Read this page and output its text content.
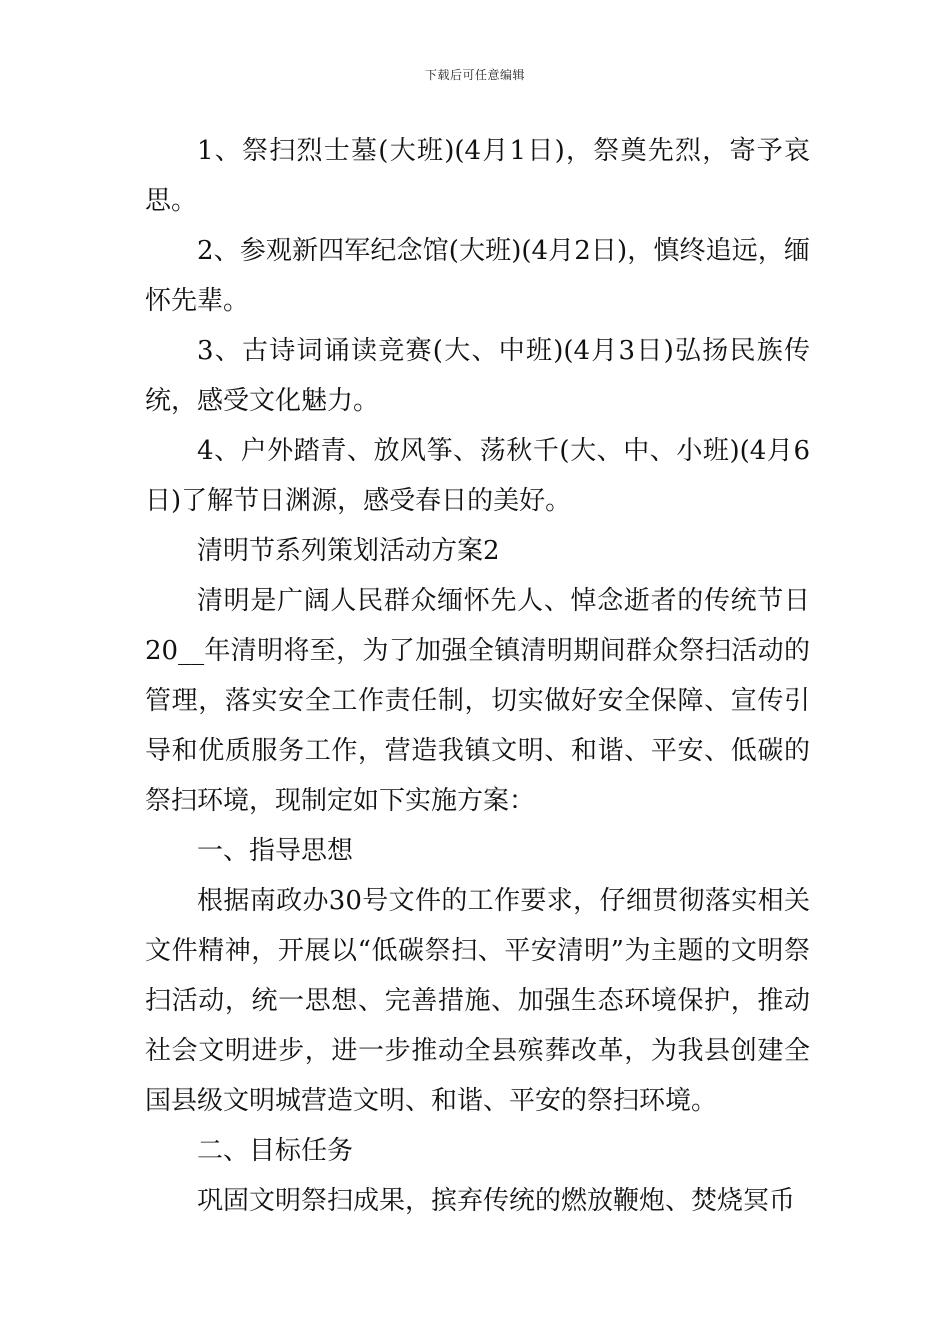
下载后可任意编辑

1、祭扫烈士墓(大班)(4月1日)，祭奠先烈，寄予哀思。

2、参观新四军纪念馆(大班)(4月2日)，慎终追远，缅怀先辈。

3、古诗词诵读竞赛(大、中班)(4月3日)弘扬民族传统，感受文化魅力。

4、户外踏青、放风筝、荡秋千(大、中、小班)(4月6日)了解节日渊源，感受春日的美好。

清明节系列策划活动方案2

清明是广阔人民群众缅怀先人、悼念逝者的传统节日20__年清明将至，为了加强全镇清明期间群众祭扫活动的管理，落实安全工作责任制，切实做好安全保障、宣传引导和优质服务工作，营造我镇文明、和谐、平安、低碳的祭扫环境，现制定如下实施方案：

一、指导思想

根据南政办30号文件的工作要求，仔细贯彻落实相关文件精神，开展以“低碳祭扫、平安清明”为主题的文明祭扫活动，统一思想、完善措施、加强生态环境保护，推动社会文明进步，进一步推动全县殡葬改革，为我县创建全国县级文明城营造文明、和谐、平安的祭扫环境。

二、目标任务

巩固文明祭扫成果，摈弃传统的燃放鞭炮、焚烧冥币
